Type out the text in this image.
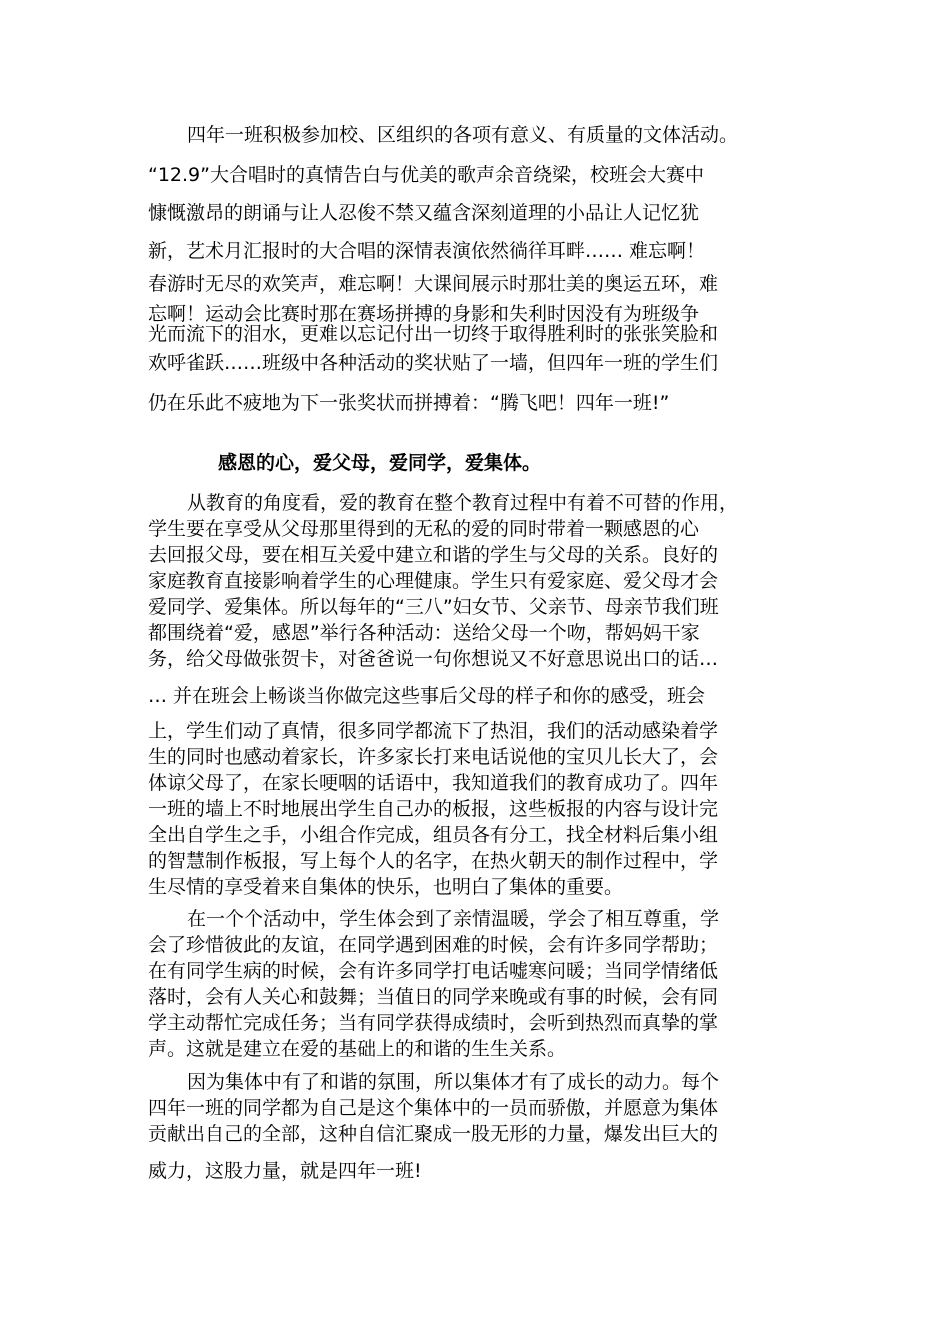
四年一班积极参加校、区组织的各项有意义、有质量的文体活动。
“12.9”大合唱时的真情告白与优美的歌声余音绕梁，校班会大赛中
慷慨激昂的朗诵与让人忍俊不禁又蕴含深刻道理的小品让人记忆犹
新，艺术月汇报时的大合唱的深情表演依然徜徉耳畔…… 难忘啊！
春游时无尽的欢笑声，难忘啊！大课间展示时那壮美的奥运五环，难
忘啊！运动会比赛时那在赛场拼搏的身影和失利时因没有为班级争
光而流下的泪水，更难以忘记付出一切终于取得胜利时的张张笑脸和
欢呼雀跃……班级中各种活动的奖状贴了一墙，但四年一班的学生们
仍在乐此不疲地为下一张奖状而拼搏着：“腾飞吧！四年一班!”
感恩的心，爱父母，爱同学，爱集体。
从教育的角度看，爱的教育在整个教育过程中有着不可替的作用，
学生要在享受从父母那里得到的无私的爱的同时带着一颗感恩的心
去回报父母，要在相互关爱中建立和谐的学生与父母的关系。良好的
家庭教育直接影响着学生的心理健康。学生只有爱家庭、爱父母才会
爱同学、爱集体。所以每年的“三八”妇女节、父亲节、母亲节我们班
都围绕着“爱，感恩”举行各种活动：送给父母一个吻，帮妈妈干家
务，给父母做张贺卡，对爸爸说一句你想说又不好意思说出口的话…
… 并在班会上畅谈当你做完这些事后父母的样子和你的感受，班会
上，学生们动了真情，很多同学都流下了热泪，我们的活动感染着学
生的同时也感动着家长，许多家长打来电话说他的宝贝儿长大了，会
体谅父母了，在家长哽咽的话语中，我知道我们的教育成功了。四年
一班的墙上不时地展出学生自己办的板报，这些板报的内容与设计完
全出自学生之手，小组合作完成，组员各有分工，找全材料后集小组
的智慧制作板报，写上每个人的名字，在热火朝天的制作过程中，学
生尽情的享受着来自集体的快乐，也明白了集体的重要。
在一个个活动中，学生体会到了亲情温暖，学会了相互尊重，学
会了珍惜彼此的友谊，在同学遇到困难的时候，会有许多同学帮助；
在有同学生病的时候，会有许多同学打电话嘘寒问暖；当同学情绪低
落时，会有人关心和鼓舞；当值日的同学来晚或有事的时候，会有同
学主动帮忙完成任务；当有同学获得成绩时，会听到热烈而真挚的掌
声。这就是建立在爱的基础上的和谐的生生关系。
因为集体中有了和谐的氛围，所以集体才有了成长的动力。每个
四年一班的同学都为自己是这个集体中的一员而骄傲，并愿意为集体
贡献出自己的全部，这种自信汇聚成一股无形的力量，爆发出巨大的
威力，这股力量，就是四年一班!
